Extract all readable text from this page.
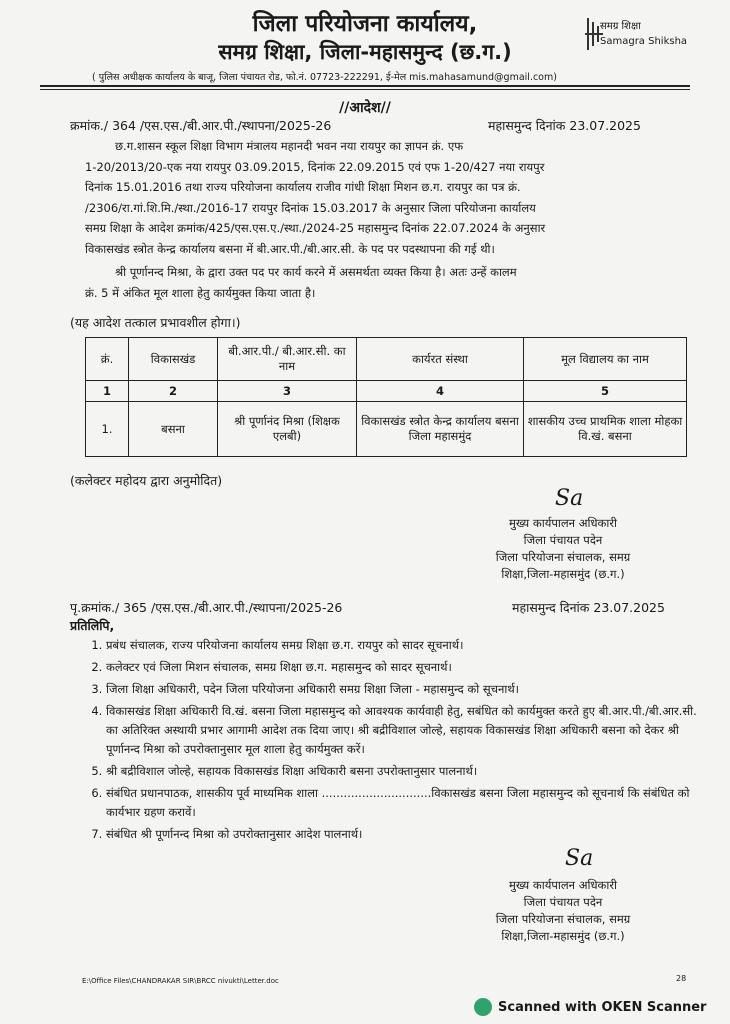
जिला परियोजना कार्यालय,
समग्र शिक्षा, जिला-महासमुन्द (छ.ग.)
समग्र शिक्षा
Samagra Shiksha
( पुलिस अधीक्षक कार्यालय के बाजू, जिला पंचायत रोड, फो.नं. 07723-222291, ई-मेल mis.mahasamund@gmail.com)
//आदेश//
क्रमांक./ 364 /एस.एस./बी.आर.पी./स्थापना/2025-26	महासमुन्द दिनांक 23.07.2025
छ.ग.शासन स्कूल शिक्षा विभाग मंत्रालय महानदी भवन नया रायपुर का ज्ञापन क्रं. एफ
1-20/2013/20-एक नया रायपुर 03.09.2015, दिनांक 22.09.2015 एवं एफ 1-20/427 नया रायपुर
दिनांक 15.01.2016 तथा राज्य परियोजना कार्यालय राजीव गांधी शिक्षा मिशन छ.ग. रायपुर का पत्र क्रं.
/2306/रा.गां.शि.मि./स्था./2016-17 रायपुर दिनांक 15.03.2017 के अनुसार जिला परियोजना कार्यालय
समग्र शिक्षा के आदेश क्रमांक/425/एस.एस.ए./स्था./2024-25 महासमुन्द दिनांक 22.07.2024 के अनुसार
विकासखंड स्त्रोत केन्द्र कार्यालय बसना में बी.आर.पी./बी.आर.सी. के पद पर पदस्थापना की गई थी।
श्री पूर्णानन्द मिश्रा, के द्वारा उक्त पद पर कार्य करने में असमर्थता व्यक्त किया है। अतः उन्हें कालम
क्रं. 5 में अंकित मूल शाला हेतु कार्यमुक्त किया जाता है।
(यह आदेश तत्काल प्रभावशील होगा।)
क्रं.	विकासखंड	बी.आर.पी./ बी.आर.सी. का नाम	कार्यरत संस्था	मूल विद्यालय का नाम
1	2	3	4	5
1.	बसना	श्री पूर्णानंद मिश्रा (शिक्षक एलबी)	विकासखंड स्त्रोत केन्द्र कार्यालय बसना जिला महासमुंद	शासकीय उच्च प्राथमिक शाला मोहका वि.खं. बसना
(कलेक्टर महोदय द्वारा अनुमोदित)
Sa
मुख्य कार्यपालन अधिकारी
जिला पंचायत पदेन
जिला परियोजना संचालक, समग्र
शिक्षा,जिला-महासमुंद (छ.ग.)
पृ.क्रमांक./ 365 /एस.एस./बी.आर.पी./स्थापना/2025-26	महासमुन्द दिनांक 23.07.2025
प्रतिलिपि,
1. प्रबंध संचालक, राज्य परियोजना कार्यालय समग्र शिक्षा छ.ग. रायपुर को सादर सूचनार्थ।
2. कलेक्टर एवं जिला मिशन संचालक, समग्र शिक्षा छ.ग. महासमुन्द को सादर सूचनार्थ।
3. जिला शिक्षा अधिकारी, पदेन जिला परियोजना अधिकारी समग्र शिक्षा जिला - महासमुन्द को सूचनार्थ।
4. विकासखंड शिक्षा अधिकारी वि.खं. बसना जिला महासमुन्द को आवश्यक कार्यवाही हेतु, सबंधित को कार्यमुक्त करते हुए बी.आर.पी./बी.आर.सी. का अतिरिक्त अस्थायी प्रभार आगामी आदेश तक दिया जाए। श्री बद्रीविशाल जोल्हे, सहायक विकासखंड शिक्षा अधिकारी बसना को देकर श्री पूर्णानन्द मिश्रा को उपरोक्तानुसार मूल शाला हेतु कार्यमुक्त करें।
5. श्री बद्रीविशाल जोल्हे, सहायक विकासखंड शिक्षा अधिकारी बसना उपरोक्तानुसार पालनार्थ।
6. संबंधित प्रधानपाठक, शासकीय पूर्व माध्यमिक शाला ..............................विकासखंड बसना जिला महासमुन्द को सूचनार्थ कि संबंधित को कार्यभार ग्रहण करावें।
7. संबंधित श्री पूर्णानन्द मिश्रा को उपरोक्तानुसार आदेश पालनार्थ।
Sa
मुख्य कार्यपालन अधिकारी
जिला पंचायत पदेन
जिला परियोजना संचालक, समग्र
शिक्षा,जिला-महासमुंद (छ.ग.)
E:\Office Files\CHANDRAKAR SIR\BRCC nivukti\Letter.doc	28
Scanned with OKEN Scanner
